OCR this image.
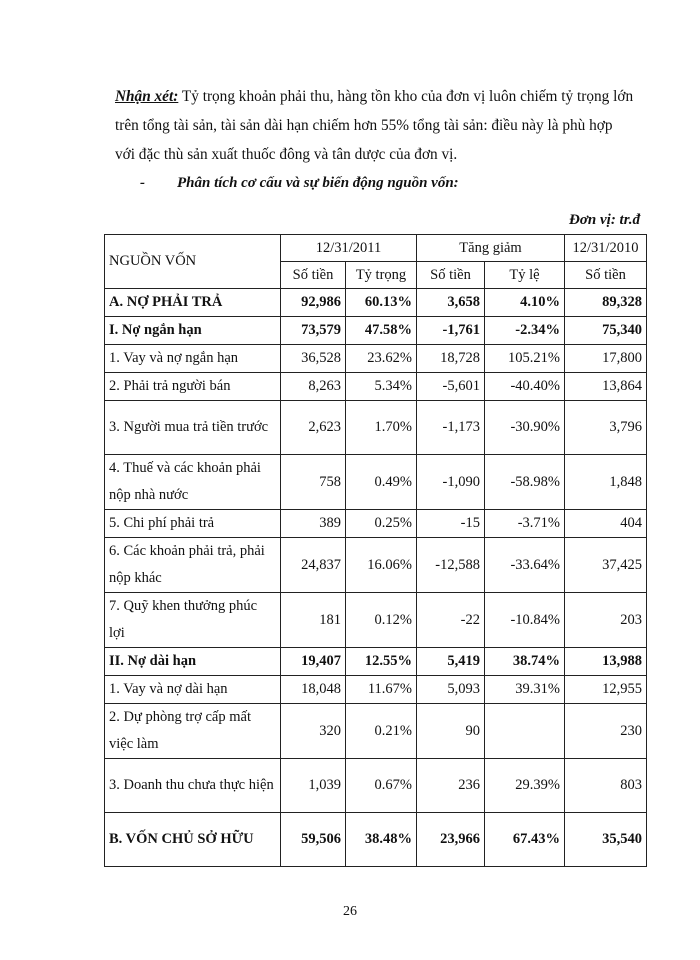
Nhận xét: Tỷ trọng khoản phải thu, hàng tồn kho của đơn vị luôn chiếm tỷ trọng lớn trên tổng tài sản, tài sản dài hạn chiếm hơn 55% tổng tài sản: điều này là phù hợp với đặc thù sản xuất thuốc đông và tân dược của đơn vị.
- Phân tích cơ cấu và sự biến động nguồn vốn:
Đơn vị: tr.đ
NGUỒN VỐN	12/31/2011		Tăng giảm		12/31/2010
	Số tiền	Tỷ trọng	Số tiền	Tỷ lệ	Số tiền
A. NỢ PHẢI TRẢ	92,986	60.13%	3,658	4.10%	89,328
I. Nợ ngắn hạn	73,579	47.58%	-1,761	-2.34%	75,340
1. Vay và nợ ngắn hạn	36,528	23.62%	18,728	105.21%	17,800
2. Phải trả người bán	8,263	5.34%	-5,601	-40.40%	13,864
3. Người mua trả tiền trước	2,623	1.70%	-1,173	-30.90%	3,796
4. Thuế và các khoản phải nộp nhà nước	758	0.49%	-1,090	-58.98%	1,848
5. Chi phí phải trả	389	0.25%	-15	-3.71%	404
6. Các khoản phải trả, phải nộp khác	24,837	16.06%	-12,588	-33.64%	37,425
7. Quỹ khen thưởng phúc lợi	181	0.12%	-22	-10.84%	203
II. Nợ dài hạn	19,407	12.55%	5,419	38.74%	13,988
1. Vay và nợ dài hạn	18,048	11.67%	5,093	39.31%	12,955
2. Dự phòng trợ cấp mất việc làm	320	0.21%	90		230
3. Doanh thu chưa thực hiện	1,039	0.67%	236	29.39%	803
B. VỐN CHỦ SỞ HỮU	59,506	38.48%	23,966	67.43%	35,540
26
